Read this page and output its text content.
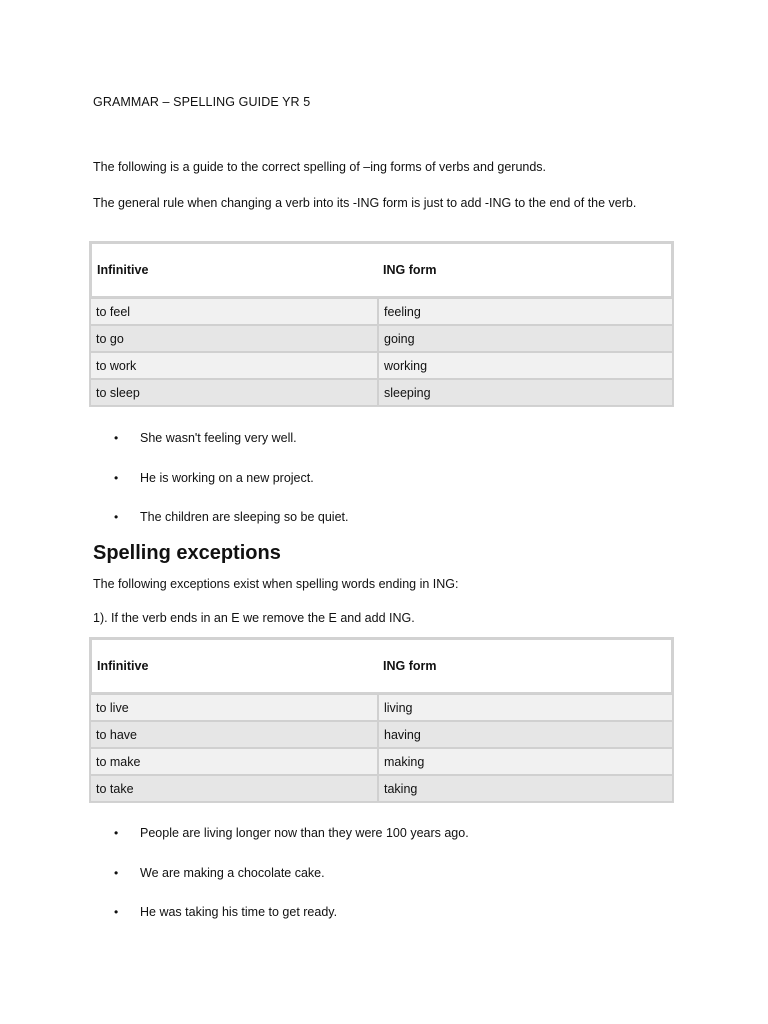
GRAMMAR – SPELLING GUIDE YR 5

The following is a guide to the correct spelling of –ing forms of verbs and gerunds.

The general rule when changing a verb into its -ING form is just to add -ING to the end of the verb.

Infinitive	ING form
to feel	feeling
to go	going
to work	working
to sleep	sleeping
• She wasn't feeling very well.
• He is working on a new project.
• The children are sleeping so be quiet.
Spelling exceptions

The following exceptions exist when spelling words ending in ING:

1). If the verb ends in an E we remove the E and add ING.

Infinitive	ING form
to live	living
to have	having
to make	making
to take	taking
• People are living longer now than they were 100 years ago.
• We are making a chocolate cake.
• He was taking his time to get ready.
